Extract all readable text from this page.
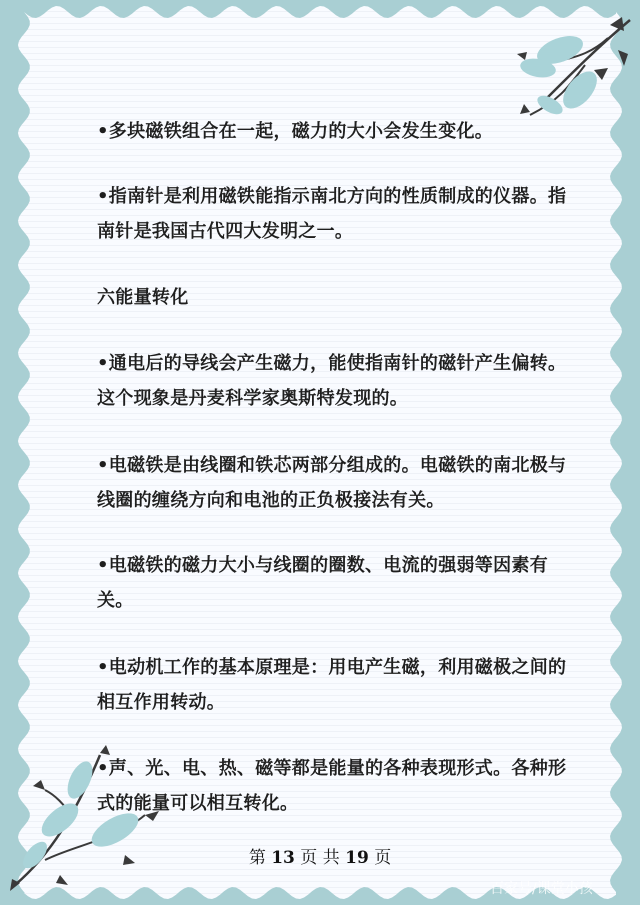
•多块磁铁组合在一起，磁力的大小会发生变化。

•指南针是利用磁铁能指示南北方向的性质制成的仪器。指南针是我国古代四大发明之一。

六能量转化

•通电后的导线会产生磁力，能使指南针的磁针产生偏转。这个现象是丹麦科学家奥斯特发现的。

•电磁铁是由线圈和铁芯两部分组成的。电磁铁的南北极与线圈的缠绕方向和电池的正负极接法有关。

•电磁铁的磁力大小与线圈的圈数、电流的强弱等因素有关。

•电动机工作的基本原理是：用电产生磁，利用磁极之间的相互作用转动。

•声、光、电、热、磁等都是能量的各种表现形式。各种形式的能量可以相互转化。

第 13 页 共 19 页
百家号/课堂小孩
